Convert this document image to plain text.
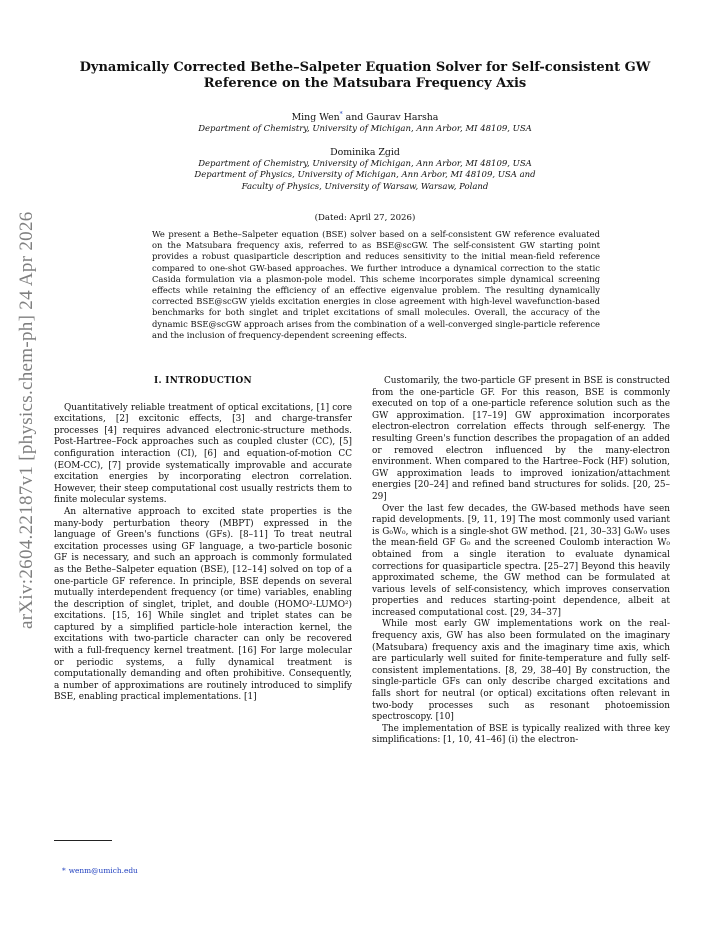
arXiv:2604.22187v1 [physics.chem-ph] 24 Apr 2026
Dynamically Corrected Bethe–Salpeter Equation Solver for Self-consistent GW
Reference on the Matsubara Frequency Axis
Ming Wen* and Gaurav Harsha
Department of Chemistry, University of Michigan, Ann Arbor, MI 48109, USA
Dominika Zgid
Department of Chemistry, University of Michigan, Ann Arbor, MI 48109, USA
Department of Physics, University of Michigan, Ann Arbor, MI 48109, USA and
Faculty of Physics, University of Warsaw, Warsaw, Poland
(Dated: April 27, 2026)
We present a Bethe–Salpeter equation (BSE) solver based on a self-consistent GW reference evaluated on the Matsubara frequency axis, referred to as BSE@scGW. The self-consistent GW starting point provides a robust quasiparticle description and reduces sensitivity to the initial mean-field reference compared to one-shot GW-based approaches. We further introduce a dynamical correction to the static Casida formulation via a plasmon-pole model. This scheme incorporates simple dynamical screening effects while retaining the efficiency of an effective eigenvalue problem. The resulting dynamically corrected BSE@scGW yields excitation energies in close agreement with high-level wavefunction-based benchmarks for both singlet and triplet excitations of small molecules. Overall, the accuracy of the dynamic BSE@scGW approach arises from the combination of a well-converged single-particle reference and the inclusion of frequency-dependent screening effects.
I. INTRODUCTION

Quantitatively reliable treatment of optical excitations, [1] core excitations, [2] excitonic effects, [3] and charge-transfer processes [4] requires advanced electronic-structure methods. Post-Hartree–Fock approaches such as coupled cluster (CC), [5] configuration interaction (CI), [6] and equation-of-motion CC (EOM-CC), [7] provide systematically improvable and accurate excitation energies by incorporating electron correlation. However, their steep computational cost usually restricts them to finite molecular systems.

An alternative approach to excited state properties is the many-body perturbation theory (MBPT) expressed in the language of Green's functions (GFs). [8–11] To treat neutral excitation processes using GF language, a two-particle bosonic GF is necessary, and such an approach is commonly formulated as the Bethe–Salpeter equation (BSE), [12–14] solved on top of a one-particle GF reference. In principle, BSE depends on several mutually interdependent frequency (or time) variables, enabling the description of singlet, triplet, and double (HOMO²-LUMO²) excitations. [15, 16] While singlet and triplet states can be captured by a simplified particle-hole interaction kernel, the excitations with two-particle character can only be recovered with a full-frequency kernel treatment. [16] For large molecular or periodic systems, a fully dynamical treatment is computationally demanding and often prohibitive. Consequently, a number of approximations are routinely introduced to simplify BSE, enabling practical implementations. [1]

Customarily, the two-particle GF present in BSE is constructed from the one-particle GF. For this reason, BSE is commonly executed on top of a one-particle reference solution such as the GW approximation. [17–19] GW approximation incorporates electron-electron correlation effects through self-energy. The resulting Green's function describes the propagation of an added or removed electron influenced by the many-electron environment. When compared to the Hartree–Fock (HF) solution, GW approximation leads to improved ionization/attachment energies [20–24] and refined band structures for solids. [20, 25–29]

Over the last few decades, the GW-based methods have seen rapid developments. [9, 11, 19] The most commonly used variant is G₀W₀, which is a single-shot GW method. [21, 30–33] G₀W₀ uses the mean-field GF G₀ and the screened Coulomb interaction W₀ obtained from a single iteration to evaluate dynamical corrections for quasiparticle spectra. [25–27] Beyond this heavily approximated scheme, the GW method can be formulated at various levels of self-consistency, which improves conservation properties and reduces starting-point dependence, albeit at increased computational cost. [29, 34–37]

While most early GW implementations work on the real-frequency axis, GW has also been formulated on the imaginary (Matsubara) frequency axis and the imaginary time axis, which are particularly well suited for finite-temperature and fully self-consistent implementations. [8, 29, 38–40] By construction, the single-particle GFs can only describe charged excitations and falls short for neutral (or optical) excitations often relevant in two-body processes such as resonant photoemission spectroscopy. [10]

The implementation of BSE is typically realized with three key simplifications: [1, 10, 41–46] (i) the electron-

* wenm@umich.edu
